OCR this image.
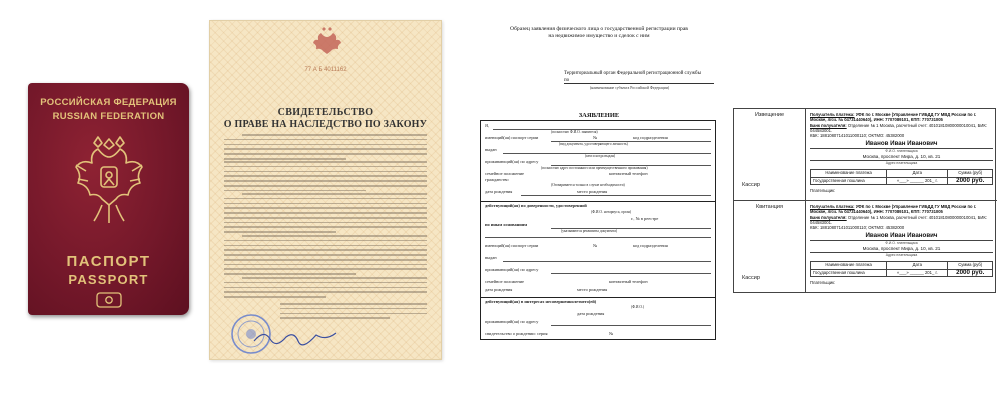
РОССИЙСКАЯ ФЕДЕРАЦИЯ
RUSSIAN FEDERATION
ПАСПОРТ
PASSPORT
77 А Б 4011162
СВИДЕТЕЛЬСТВО
О ПРАВЕ НА НАСЛЕДСТВО ПО ЗАКОНУ
Образец заявления физического лица о государственной регистрации прав
на недвижимое имущество и сделок с ним
Территориальный орган Федеральной регистрационной службы
по
(наименование субъекта Российской Федерации)
ЗАЯВЛЕНИЕ
Я,
(полностью Ф.И.О. заявителя)
имеющий(ая) паспорт серии	№	код подразделения
(вид документа, удостоверяющего личность)
выдан
(кем и когда выдан)
проживающий(ая) по адресу
(полностью адрес постоянного или преимущественного проживания)
семейное положение	контактный телефон
гражданство
(Оговаривается только в случае необходимости)
дата рождения	место рождения
действующий(ая) по доверенности, удостоверенной
(Ф.И.О. нотариуса, орган)
г., № в реестре
по иным основаниям
(указываются реквизиты документа)
имеющий(ая) паспорт серии	№	код подразделения
выдан
проживающий(ая) по адресу
семейное положение	контактный телефон
дата рождения	место рождения
действующий(ая) в интересах несовершеннолетнего(ей)
(Ф.И.О.)
дата рождения
проживающий(ая) по адресу
свидетельство о рождении: серия	№
Извещение
Кассир
Получатель платежа: УФК по г. Москве (Управление ГИБДД ГУ МВД России по г. Москве, л/сч. № 04731440640), ИНН: 7707089101, КПП: 770731005
Банк получателя: Отделение № 1 Москва, расчетный счет: 40101810800000010041, БИК: 044583001.
КБК: 18810807141011000110; ОКТМО: 45382000
Иванов Иван Иванович
Ф.И.О. плательщика
Москва, проспект Мира, д. 10, кв. 21
Адрес плательщика
Наименование платежа	Дата	Сумма (руб)
Государственная пошлина	«___» ______ 201_ г.	2000 руб.
Плательщик:
Квитанция
Кассир
Получатель платежа: УФК по г. Москве (Управление ГИБДД ГУ МВД России по г. Москве, л/сч. № 04731440640), ИНН: 7707089101, КПП: 770731005
Банк получателя: Отделение № 1 Москва, расчетный счет: 40101810800000010041, БИК: 044583001.
КБК: 18810807141011000110; ОКТМО: 45382000
Иванов Иван Иванович
Ф.И.О. плательщика
Москва, проспект Мира, д. 10, кв. 21
Адрес плательщика
Наименование платежа	Дата	Сумма (руб)
Государственная пошлина	«___» ______ 201_ г.	2000 руб.
Плательщик:
